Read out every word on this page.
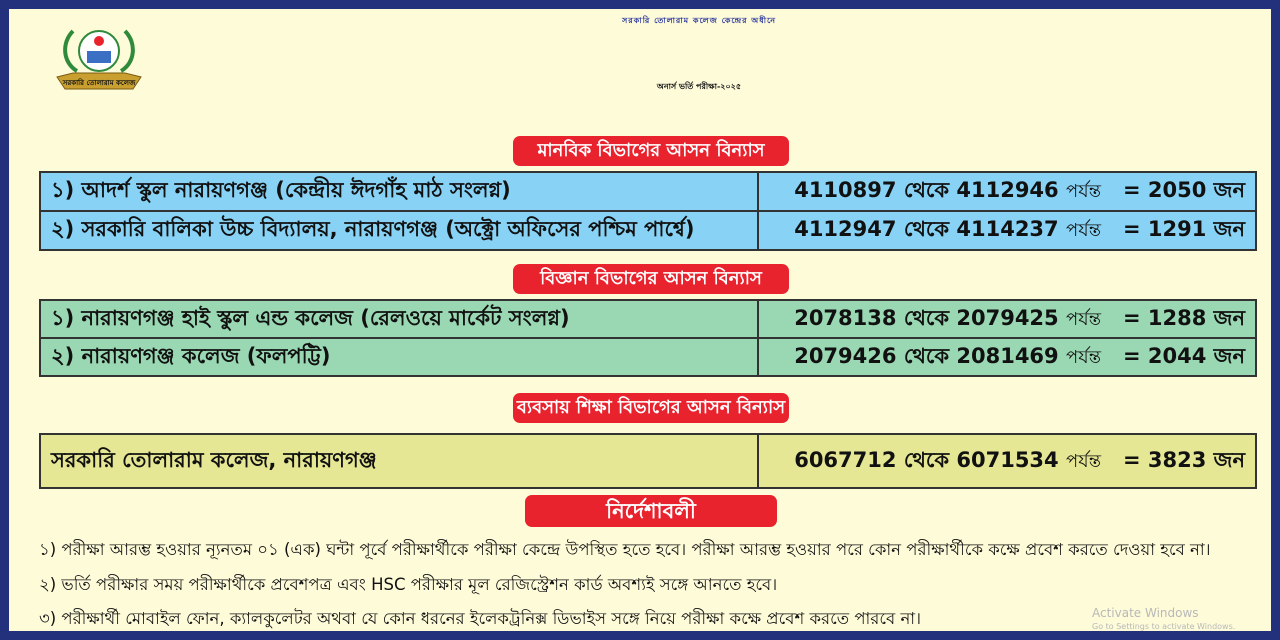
সরকারি তোলারাম কলেজ
সরকারি তোলারাম কলেজ কেন্দ্রের অধীনে
অনার্স ভর্তি পরীক্ষা-২০২৫
মানবিক বিভাগের আসন বিন্যাস
১) আদর্শ স্কুল নারায়ণগঞ্জ (কেন্দ্রীয় ঈদগাঁহ মাঠ সংলগ্ন)	4110897 থেকে 4112946 পর্যন্ত = 2050 জন
২) সরকারি বালিকা উচ্চ বিদ্যালয়, নারায়ণগঞ্জ (অক্ট্রো অফিসের পশ্চিম পার্শ্বে)	4112947 থেকে 4114237 পর্যন্ত = 1291 জন
বিজ্ঞান বিভাগের আসন বিন্যাস
১) নারায়ণগঞ্জ হাই স্কুল এন্ড কলেজ (রেলওয়ে মার্কেট সংলগ্ন)	2078138 থেকে 2079425 পর্যন্ত = 1288 জন
২) নারায়ণগঞ্জ কলেজ (ফলপট্টি)	2079426 থেকে 2081469 পর্যন্ত = 2044 জন
ব্যবসায় শিক্ষা বিভাগের আসন বিন্যাস
সরকারি তোলারাম কলেজ, নারায়ণগঞ্জ	6067712 থেকে 6071534 পর্যন্ত = 3823 জন
নির্দেশাবলী
১) পরীক্ষা আরম্ভ হওয়ার ন্যূনতম ০১ (এক) ঘন্টা পূর্বে পরীক্ষার্থীকে পরীক্ষা কেন্দ্রে উপস্থিত হতে হবে। পরীক্ষা আরম্ভ হওয়ার পরে কোন পরীক্ষার্থীকে কক্ষে প্রবেশ করতে দেওয়া হবে না।
২) ভর্তি পরীক্ষার সময় পরীক্ষার্থীকে প্রবেশপত্র এবং HSC পরীক্ষার মূল রেজিস্ট্রেশন কার্ড অবশ্যই সঙ্গে আনতে হবে।
৩) পরীক্ষার্থী মোবাইল ফোন, ক্যালকুলেটর অথবা যে কোন ধরনের ইলেকট্রনিক্স ডিভাইস সঙ্গে নিয়ে পরীক্ষা কক্ষে প্রবেশ করতে পারবে না।	Activate Windows
Go to Settings to activate Windows.
